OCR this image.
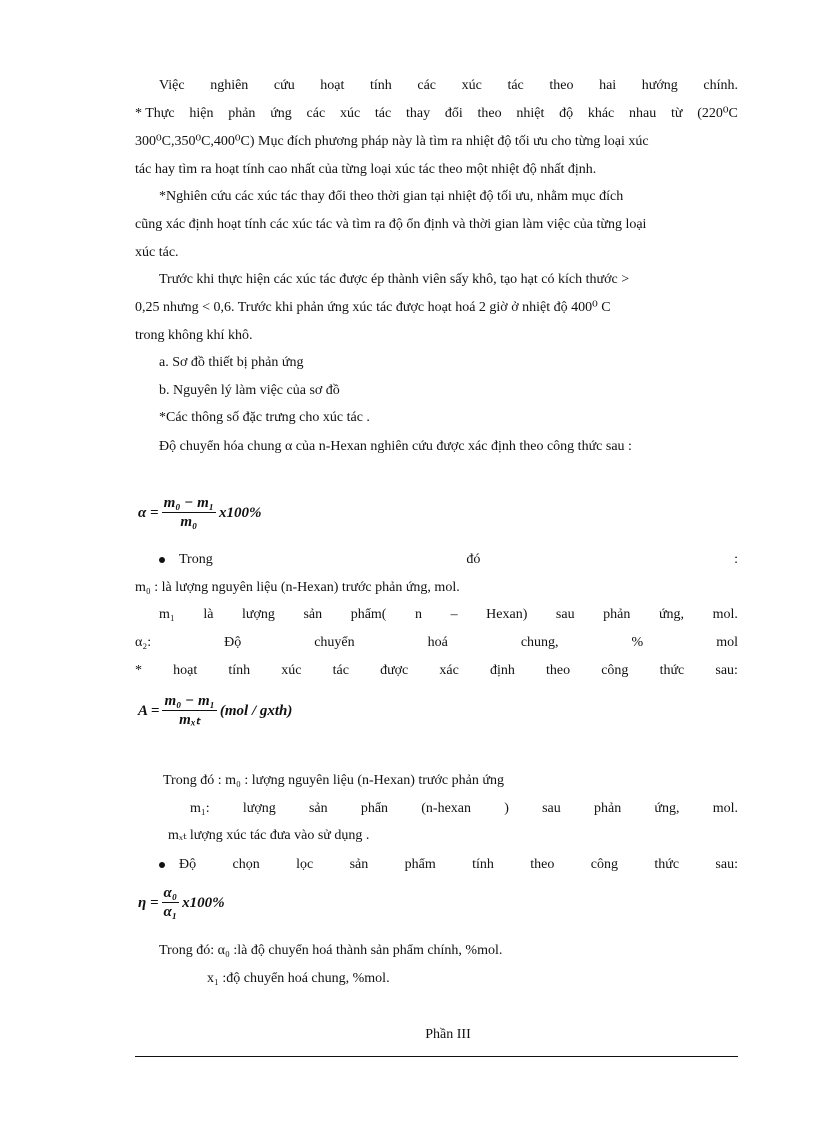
Việc nghiên cứu hoạt tính các xúc tác theo hai hướng chính.
* Thực hiện phản ứng các xúc tác thay đổi theo nhiệt độ khác nhau từ (220⁰C
300⁰C,350⁰C,400⁰C) Mục đích phương pháp này là tìm ra nhiệt độ tối ưu cho từng loại xúc
tác hay tìm ra hoạt tính cao nhất của từng loại xúc tác theo một nhiệt độ nhất định.
*Nghiên cứu các xúc tác thay đổi theo thời gian tại nhiệt độ tối ưu, nhằm mục đích
cũng xác định hoạt tính các xúc tác và tìm ra độ ổn định và thời gian làm việc của từng loại
xúc tác.
Trước khi thực hiện các xúc tác được ép thành viên sấy khô, tạo hạt có kích thước >
0,25 nhưng < 0,6. Trước khi phản ứng xúc tác được hoạt hoá 2 giờ ở nhiệt độ 400⁰ C
trong không khí khô.
a. Sơ đồ thiết bị phản ứng
b. Nguyên lý làm việc của sơ đồ
*Các thông số đặc trưng cho xúc tác .
Độ chuyển hóa chung α của n-Hexan nghiên cứu được xác định theo công thức sau :
$\alpha = \frac{\text{m₀ − m₁}}{\text{m₀}} x100\%$
Trong	đó	:
m₀ : là lượng nguyên liệu (n-Hexan) trước phản ứng, mol.
m₁ là lượng sản phẩm( n – Hexan) sau phản ứng, mol.
α₂:	Độ	chuyển	hoá	chung,	%	mol
* hoạt tính xúc tác được xác định theo công thức sau:
$A = \frac{\text{m₀ − m₁}}{\text{mₓₜ}} (mol$ / gxth)
Trong đó : m₀ : lượng nguyên liệu (n-Hexan) trước phản ứng
m₁: lượng sản phẩn (n-hexan ) sau phản ứng, mol.
mₓₜ lượng xúc tác đưa vào sử dụng .
Độ	chọn	lọc	sản	phẩm	tính	theo	công	thức	sau:
$\eta = \frac{\text{α₀}}{\text{α₁}} x100\%$
Trong đó: α₀ :là độ chuyển hoá thành sản phẩm chính, %mol.
x₁ :độ chuyển hoá chung, %mol.
Phần III
